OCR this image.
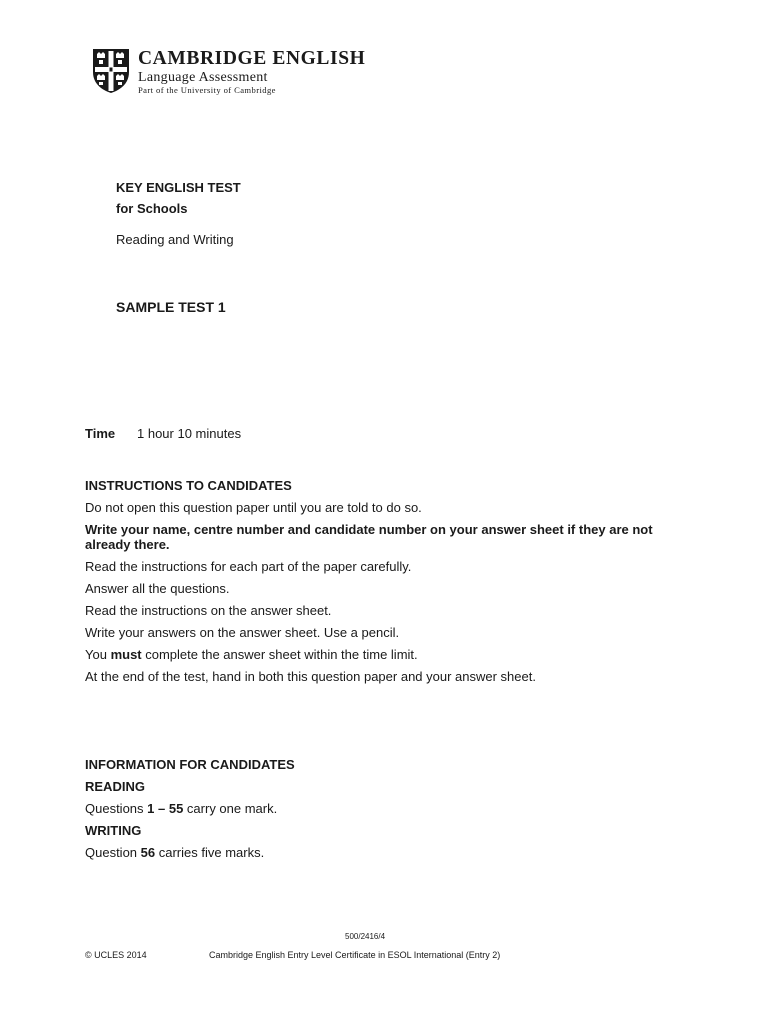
CAMBRIDGE ENGLISH
Language Assessment
Part of the University of Cambridge
KEY ENGLISH TEST
for Schools
Reading and Writing
SAMPLE TEST 1
Time 1 hour 10 minutes

INSTRUCTIONS TO CANDIDATES

Do not open this question paper until you are told to do so.

Write your name, centre number and candidate number on your answer sheet if they are not already there.

Read the instructions for each part of the paper carefully.

Answer all the questions.

Read the instructions on the answer sheet.

Write your answers on the answer sheet. Use a pencil.

You must complete the answer sheet within the time limit.

At the end of the test, hand in both this question paper and your answer sheet.

INFORMATION FOR CANDIDATES

READING

Questions 1 – 55 carry one mark.

WRITING

Question 56 carries five marks.

500/2416/4
© UCLES 2014	Cambridge English Entry Level Certificate in ESOL International (Entry 2)
